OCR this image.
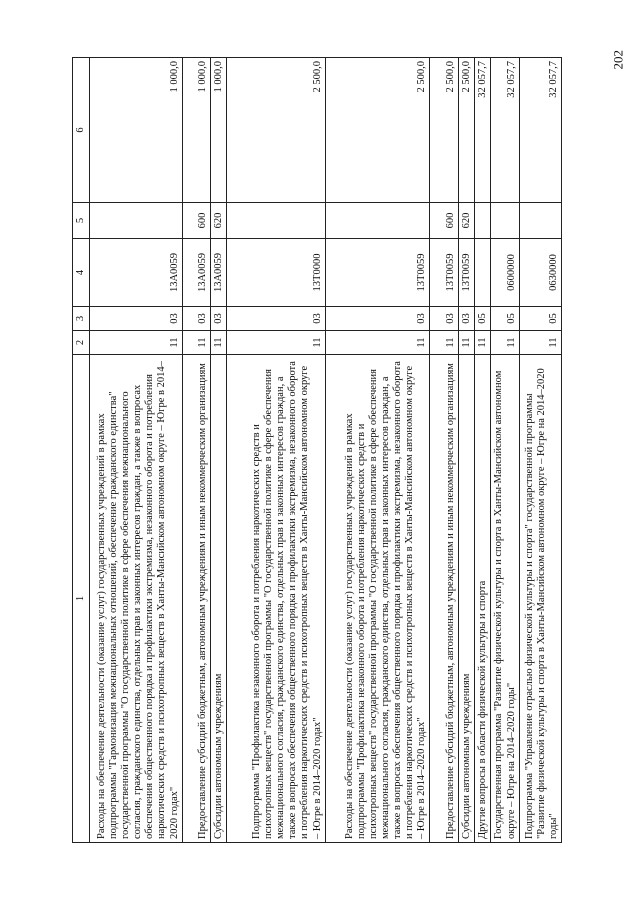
202
1	2	3	4	5	6
Расходы на обеспечение деятельности (оказание услуг) государственных учреждений в рамках подпрограммы "Гармонизация межнациональных отношений, обеспечение гражданского единства" государственной программы "О государственной политике в сфере обеспечения межнационального согласия, гражданского единства, отдельных прав и законных интересов граждан, а также в вопросах обеспечения общественного порядка и профилактики экстремизма, незаконного оборота и потребления наркотических средств и психотропных веществ в Ханты-Мансийском автономном округе – Югре в 2014–2020 годах"	11	03	13А0059		1 000,0
Предоставление субсидий бюджетным, автономным учреждениям и иным некоммерческим организациям	11	03	13А0059	600	1 000,0
Субсидии автономным учреждениям	11	03	13А0059	620	1 000,0
Подпрограмма "Профилактика незаконного оборота и потребления наркотических средств и психотропных веществ" государственной программы "О государственной политике в сфере обеспечения межнационального согласия, гражданского единства, отдельных прав и законных интересов граждан, а также в вопросах обеспечения общественного порядка и профилактики экстремизма, незаконного оборота и потребления наркотических средств и психотропных веществ в Ханты-Мансийском автономном округе – Югре в 2014–2020 годах"	11	03	13Т0000		2 500,0
Расходы на обеспечение деятельности (оказание услуг) государственных учреждений в рамках подпрограммы "Профилактика незаконного оборота и потребления наркотических средств и психотропных веществ" государственной программы "О государственной политике в сфере обеспечения межнационального согласия, гражданского единства, отдельных прав и законных интересов граждан, а также в вопросах обеспечения общественного порядка и профилактики экстремизма, незаконного оборота и потребления наркотических средств и психотропных веществ в Ханты-Мансийском автономном округе – Югре в 2014–2020 годах"	11	03	13Т0059		2 500,0
Предоставление субсидий бюджетным, автономным учреждениям и иным некоммерческим организациям	11	03	13Т0059	600	2 500,0
Субсидии автономным учреждениям	11	03	13Т0059	620	2 500,0
Другие вопросы в области физической культуры и спорта	11	05			32 057,7
Государственная программа "Развитие физической культуры и спорта в Ханты-Мансийском автономном округе – Югре на 2014–2020 годы"	11	05	0600000		32 057,7
Подпрограмма "Управление отраслью физической культуры и спорта" государственной программы "Развитие физической культуры и спорта в Ханты-Мансийском автономном округе – Югре на 2014–2020 годы"	11	05	0630000		32 057,7
